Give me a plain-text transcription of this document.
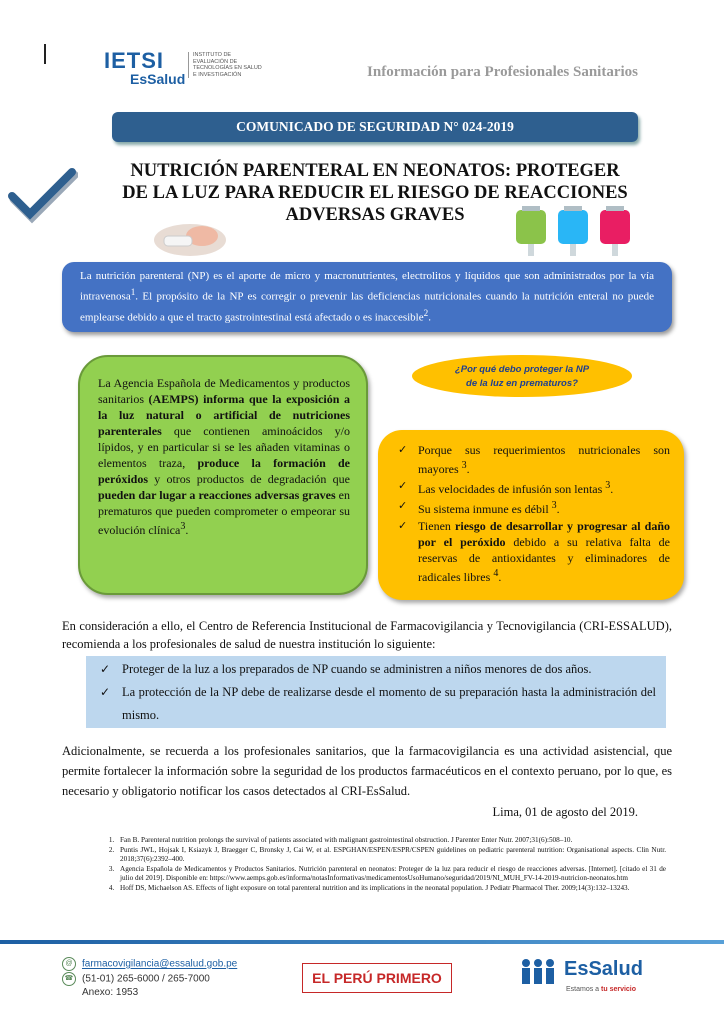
IETSI
EsSalud
INSTITUTO DE EVALUACIÓN DE TECNOLOGÍAS EN SALUD E INVESTIGACIÓN	Información para Profesionales Sanitarios
COMUNICADO DE SEGURIDAD N° 024-2019
NUTRICIÓN PARENTERAL EN NEONATOS: PROTEGER
DE LA LUZ PARA REDUCIR EL RIESGO DE REACCIONES
ADVERSAS GRAVES
La nutrición parenteral (NP) es el aporte de micro y macronutrientes, electrolitos y líquidos que son administrados por la vía intravenosa$^1$. El propósito de la NP es corregir o prevenir las deficiencias nutricionales cuando la nutrición enteral no puede emplearse debido a que el tracto gastrointestinal está afectado o es inaccesible$^2$.
La Agencia Española de Medicamentos y productos sanitarios (AEMPS) informa que la exposición a la luz natural o artificial de nutriciones parenterales que contienen aminoácidos y/o lípidos, y en particular si se les añaden vitaminas o elementos traza, produce la formación de peróxidos y otros productos de degradación que pueden dar lugar a reacciones adversas graves en prematuros que pueden comprometer o empeorar su evolución clínica$^3$.
¿Por qué debo proteger la NP
de la luz en prematuros?
✓ Porque sus requerimientos nutricionales son mayores $^3$.
✓ Las velocidades de infusión son lentas $^3$.
✓ Su sistema inmune es débil $^3$.
✓ Tienen riesgo de desarrollar y progresar al daño por el peróxido debido a su relativa falta de reservas de antioxidantes y eliminadores de radicales libres $^4$.
En consideración a ello, el Centro de Referencia Institucional de Farmacovigilancia y Tecnovigilancia (CRI-ESSALUD), recomienda a los profesionales de salud de nuestra institución lo siguiente:
✓ Proteger de la luz a los preparados de NP cuando se administren a niños menores de dos años.
✓ La protección de la NP debe de realizarse desde el momento de su preparación hasta la administración del mismo.
Adicionalmente, se recuerda a los profesionales sanitarios, que la farmacovigilancia es una actividad asistencial, que permite fortalecer la información sobre la seguridad de los productos farmacéuticos en el contexto peruano, por lo que, es necesario y obligatorio notificar los casos detectados al CRI-EsSalud.
Lima, 01 de agosto del 2019.
1. Fan B. Parenteral nutrition prolongs the survival of patients associated with malignant gastrointestinal obstruction. J Parenter Enter Nutr. 2007;31(6):508–10.
2. Puntis JWL, Hojsak I, Ksiazyk J, Braegger C, Bronsky J, Cai W, et al. ESPGHAN/ESPEN/ESPR/CSPEN guidelines on pediatric parenteral nutrition: Organisational aspects. Clin Nutr. 2018;37(6):2392–400.
3. Agencia Española de Medicamentos y Productos Sanitarios. Nutrición parenteral en neonatos: Proteger de la luz para reducir el riesgo de reacciones adversas. [Internet]. [citado el 31 de julio del 2019]. Disponible en: https://www.aemps.gob.es/informa/notasInformativas/medicamentosUsoHumano/seguridad/2019/NI_MUH_FV-14-2019-nutricion-neonatos.htm
4. Hoff DS, Michaelson AS. Effects of light exposure on total parenteral nutrition and its implications in the neonatal population. J Pediatr Pharmacol Ther. 2009;14(3):132–13243.
@ farmacovigilancia@essalud.gob.pe
☎ (51-01) 265-6000 / 265-7000
Anexo: 1953
EL PERÚ PRIMERO	EsSalud
Estamos a tu servicio
